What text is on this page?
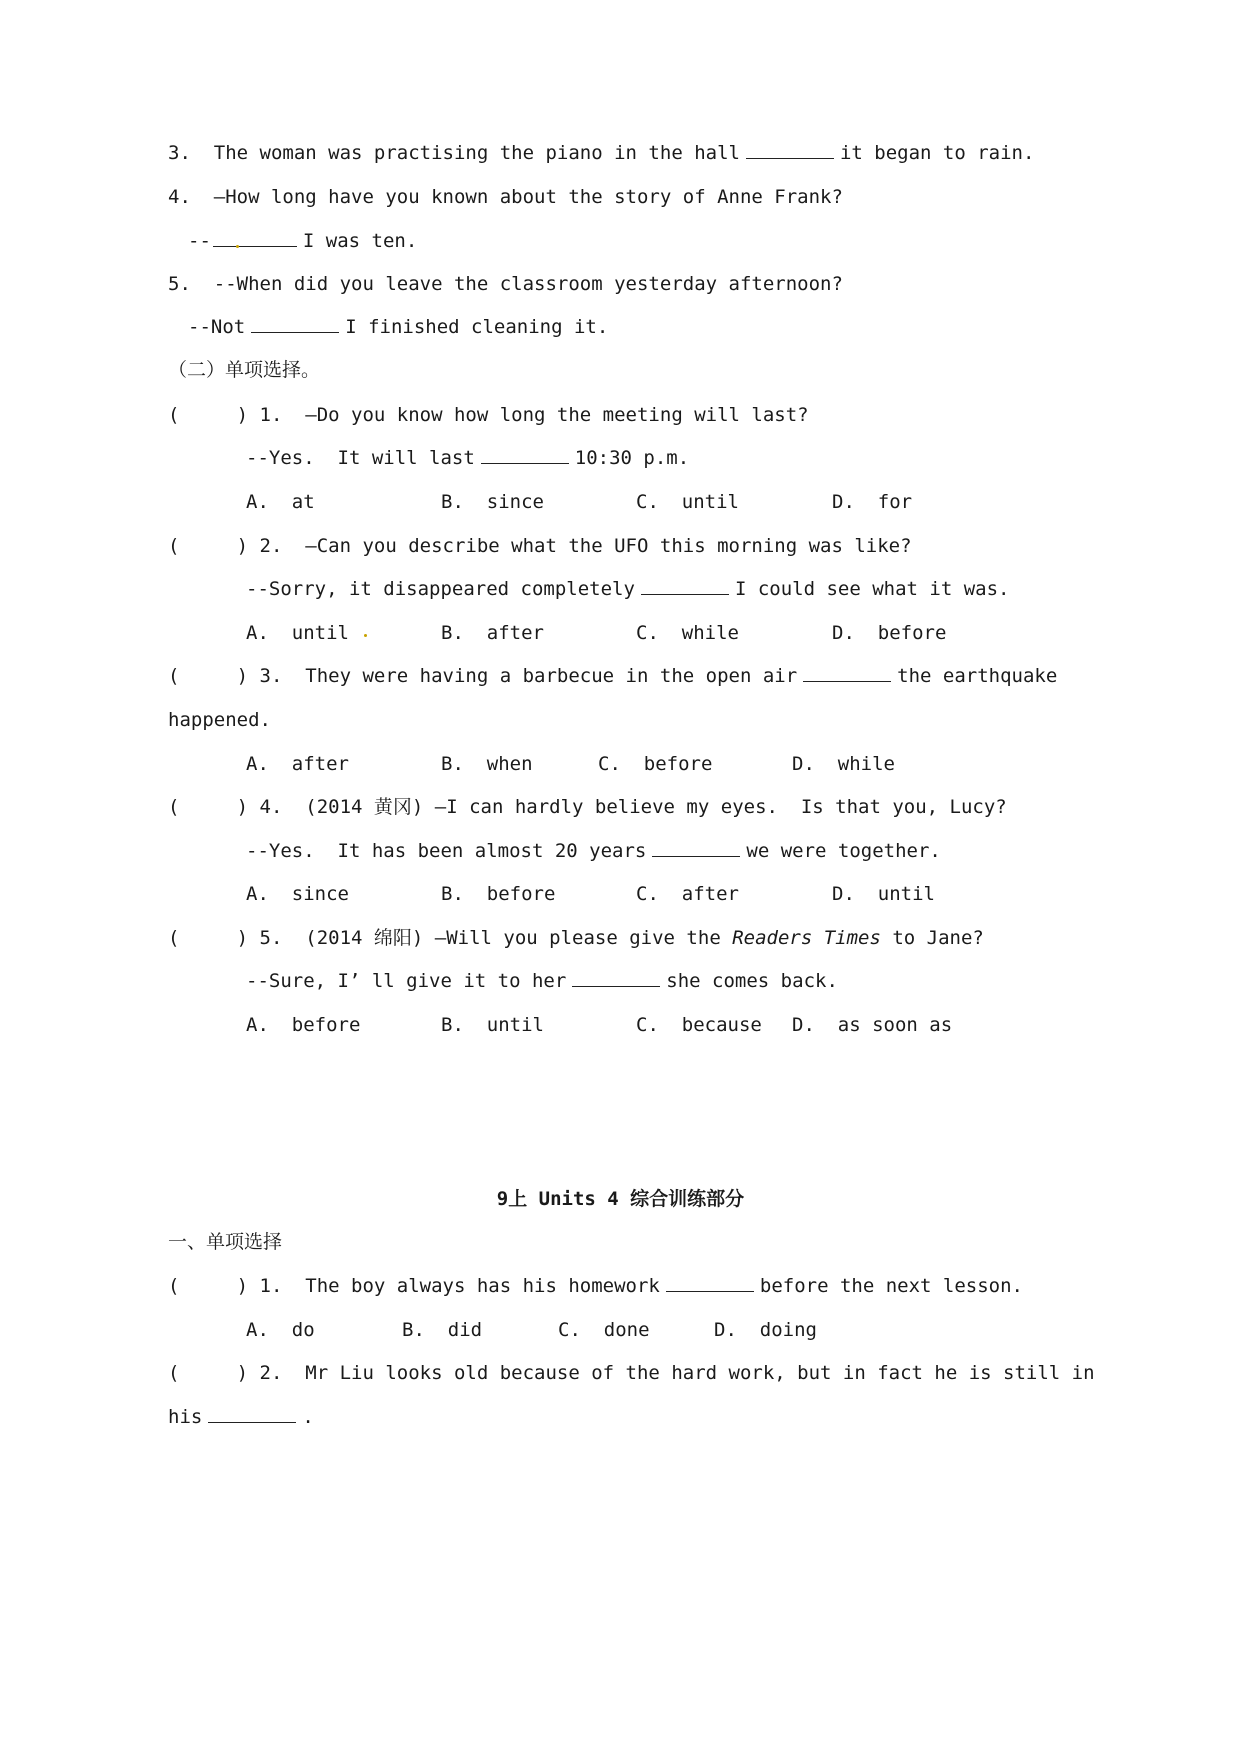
3.  The woman was practising the piano in the hall	it began to rain.
4.  –How long have you known about the story of Anne Frank?
--	I was ten.
5.  --When did you leave the classroom yesterday afternoon?
--Not	I finished cleaning it.
（二）单项选择。
(     ) 1.  –Do you know how long the meeting will last?
--Yes.  It will last	10:30 p.m.
A.  at	B.  since	C.  until	D.  for
(     ) 2.  –Can you describe what the UFO this morning was like?
--Sorry, it disappeared completely	I could see what it was.
A.  until	B.  after	C.  while	D.  before
(     ) 3.  They were having a barbecue in the open air	the earthquake
happened.
A.  after	B.  when	C.  before	D.  while
(     ) 4.  (2014 黄冈) –I can hardly believe my eyes.  Is that you, Lucy?
--Yes.  It has been almost 20 years	we were together.
A.  since	B.  before	C.  after	D.  until
(     ) 5.  (2014 绵阳) –Will you please give the Readers Times to Jane?
--Sure, I’ ll give it to her	she comes back.
A.  before	B.  until	C.  because D.  as soon as
9上 Units 4 综合训练部分
一、单项选择
(     ) 1.  The boy always has his homework	before the next lesson.
A.  do	B.  did	C.  done	D.  doing
(     ) 2.  Mr Liu looks old because of the hard work, but in fact he is still in
his	.
